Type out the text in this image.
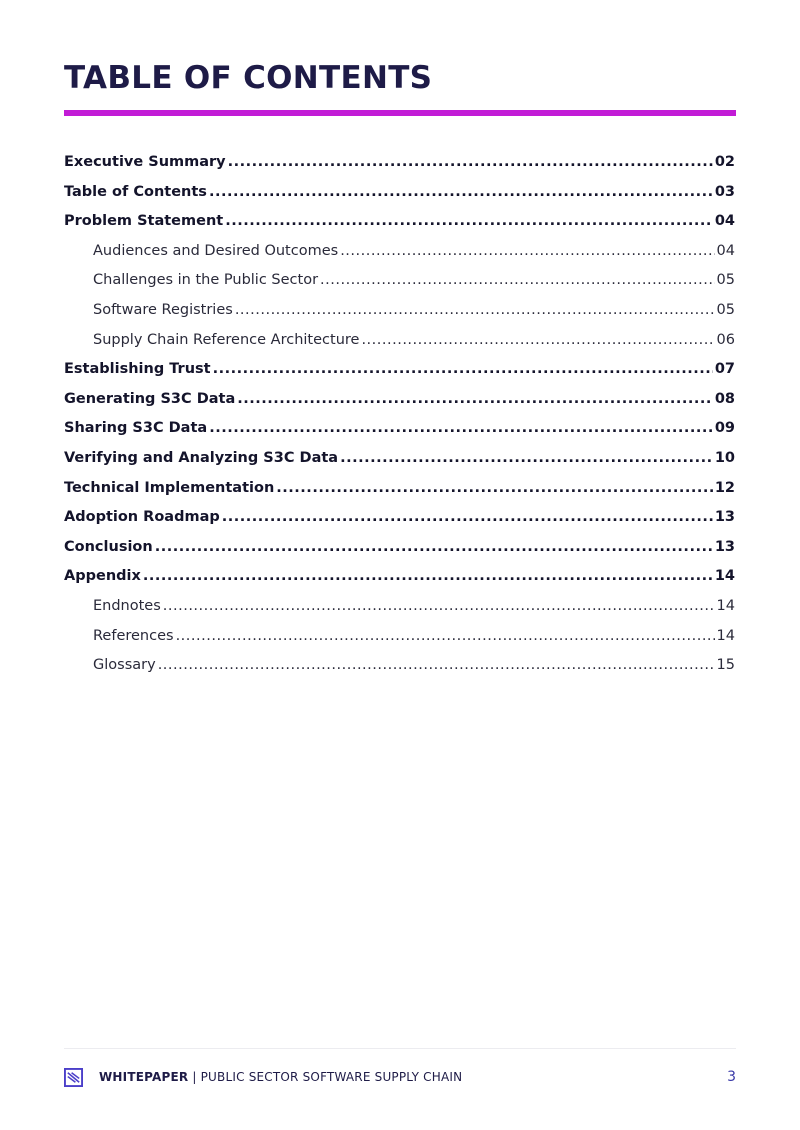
TABLE OF CONTENTS
Executive Summary .....	02
Table of Contents .....	03
Problem Statement .....	04
Audiences and Desired Outcomes .....	04
Challenges in the Public Sector .....	05
Software Registries .....	05
Supply Chain Reference Architecture .....	06
Establishing Trust .....	07
Generating S3C Data .....	08
Sharing S3C Data .....	09
Verifying and Analyzing S3C Data .....	10
Technical Implementation .....	12
Adoption Roadmap .....	13
Conclusion .....	13
Appendix .....	14
Endnotes .....	14
References .....	14
Glossary .....	15
WHITEPAPER | PUBLIC SECTOR SOFTWARE SUPPLY CHAIN	3
